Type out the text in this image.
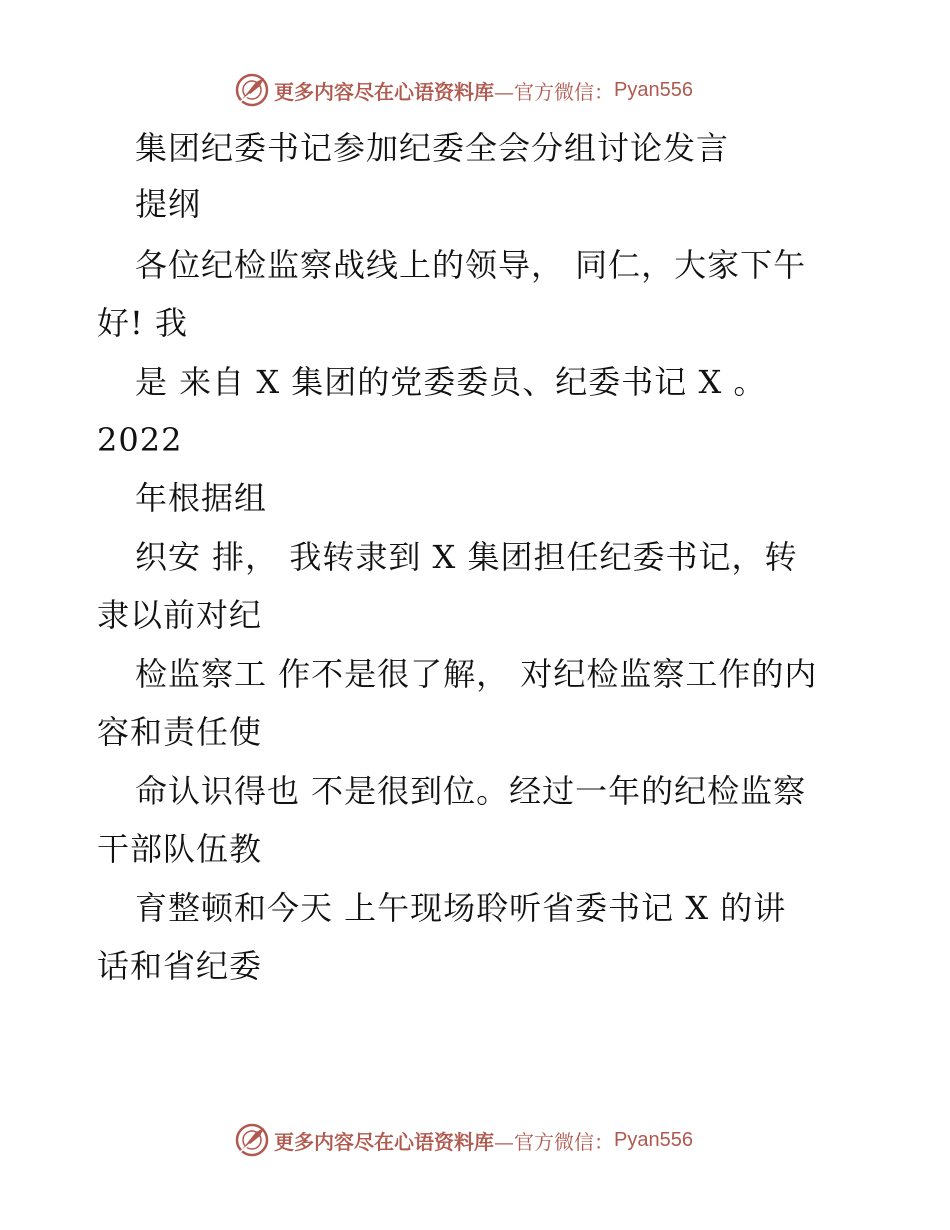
更多内容尽在心语资料库 —官方微信： Pyan556
集团纪委书记参加纪委全会分组讨论发言
提纲
各位纪检监察战线上的领导， 同仁，大家下午
好! 我
是 来自 X 集团的党委委员、纪委书记 X 。
2022
年根据组
织安 排， 我转隶到 X 集团担任纪委书记，转
隶以前对纪
检监察工 作不是很了解， 对纪检监察工作的内
容和责任使
命认识得也 不是很到位。经过一年的纪检监察
干部队伍教
育整顿和今天 上午现场聆听省委书记 X 的讲
话和省纪委
更多内容尽在心语资料库 —官方微信： Pyan556
